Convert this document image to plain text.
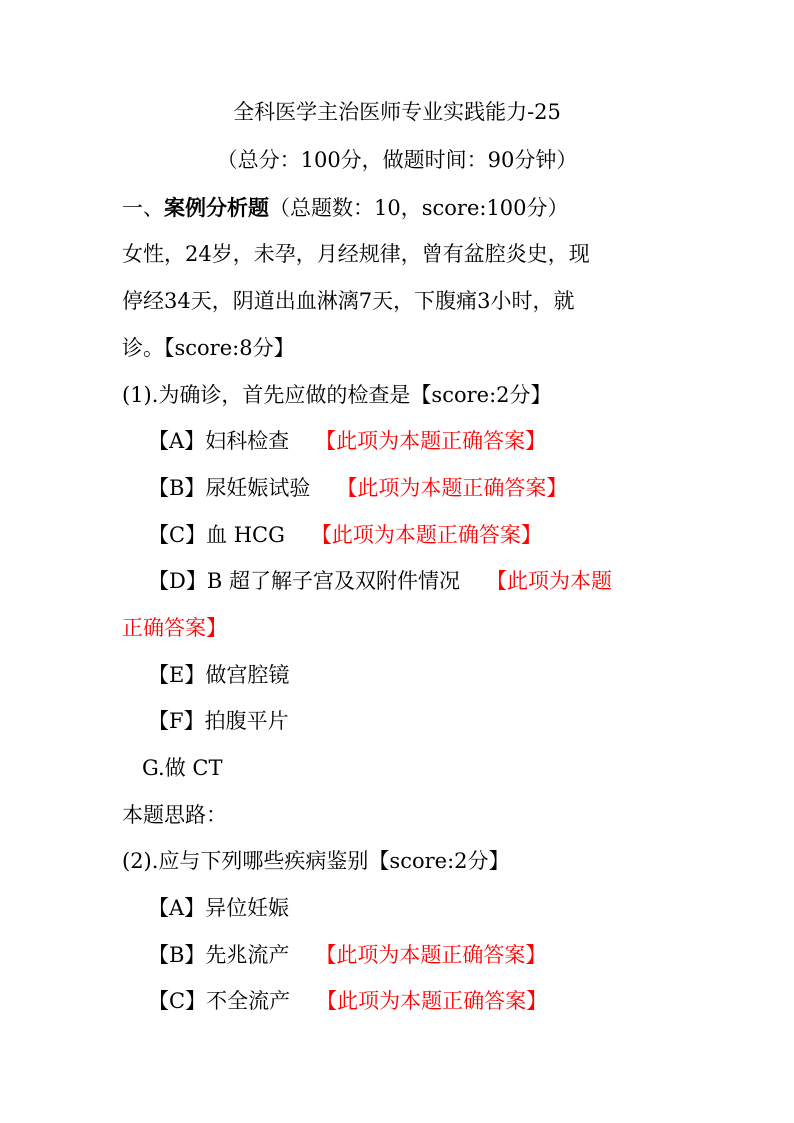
全科医学主治医师专业实践能力-25
（总分：100分，做题时间：90分钟）
一、案例分析题（总题数：10，score:100分）
女性，24岁，未孕，月经规律，曾有盆腔炎史，现
停经34天，阴道出血淋漓7天，下腹痛3小时，就
诊。【score:8分】
(1).为确诊，首先应做的检查是【score:2分】
【A】妇科检查 【此项为本题正确答案】
【B】尿妊娠试验 【此项为本题正确答案】
【C】血 HCG 【此项为本题正确答案】
【D】B 超了解子宫及双附件情况 【此项为本题
正确答案】
【E】做宫腔镜
【F】拍腹平片
G.做 CT
本题思路：
(2).应与下列哪些疾病鉴别【score:2分】
【A】异位妊娠
【B】先兆流产 【此项为本题正确答案】
【C】不全流产 【此项为本题正确答案】
